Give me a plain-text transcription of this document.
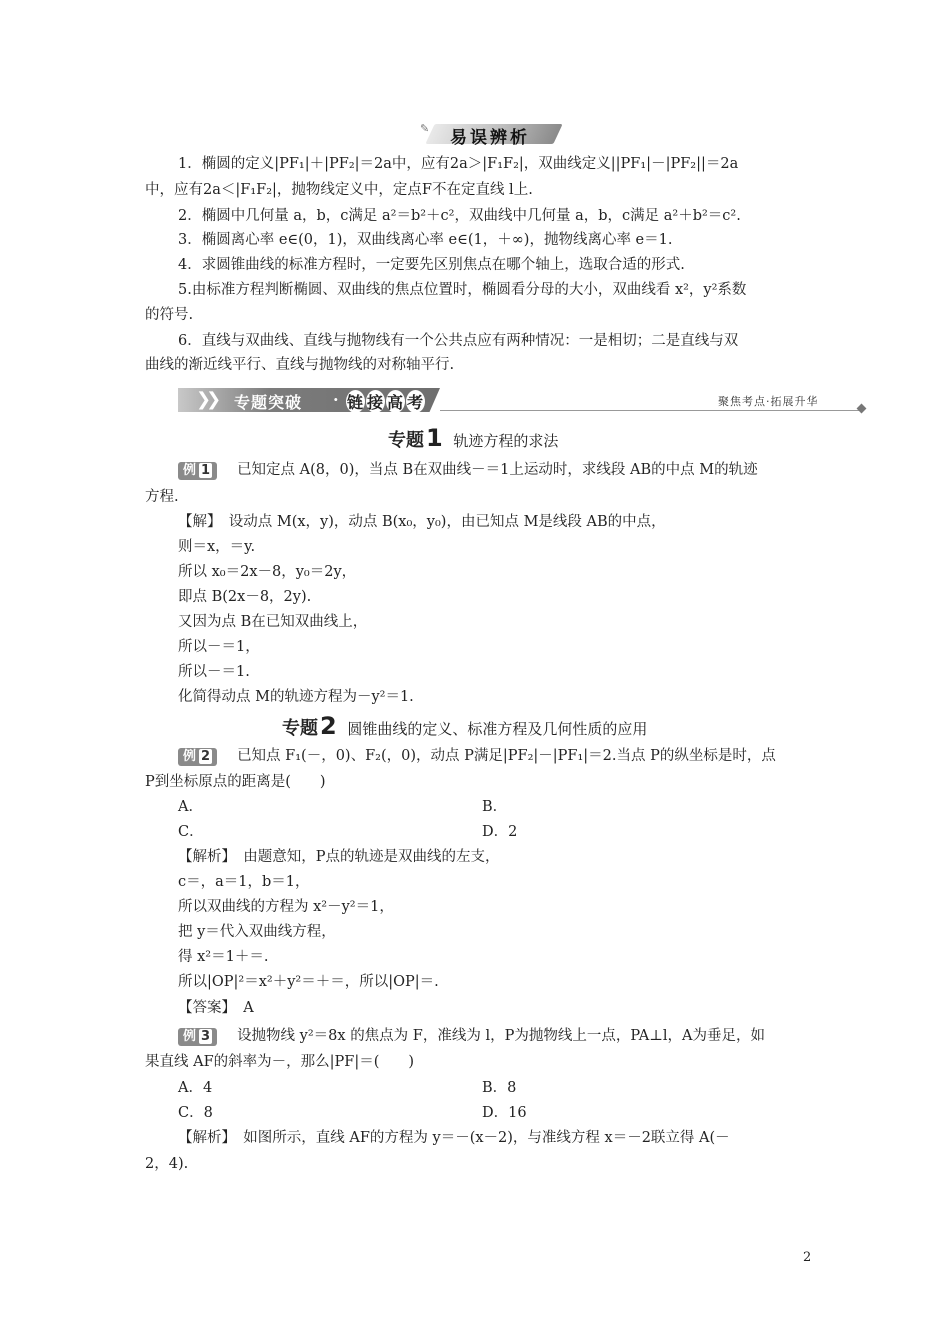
✎ 易误辨析
1．椭圆的定义|PF₁|＋|PF₂|＝2a中，应有2a＞|F₁F₂|，双曲线定义||PF₁|－|PF₂||＝2a
中，应有2a＜|F₁F₂|，抛物线定义中，定点F不在定直线 l上.
2．椭圆中几何量 a，b，c满足 a²＝b²＋c²，双曲线中几何量 a，b，c满足 a²＋b²＝c².
3．椭圆离心率 e∈(0，1)，双曲线离心率 e∈(1，＋∞)，抛物线离心率 e＝1.
4．求圆锥曲线的标准方程时，一定要先区别焦点在哪个轴上，选取合适的形式.
5.由标准方程判断椭圆、双曲线的焦点位置时，椭圆看分母的大小，双曲线看 x²，y²系数
的符号.
6．直线与双曲线、直线与抛物线有一个公共点应有两种情况：一是相切；二是直线与双
曲线的渐近线平行、直线与抛物线的对称轴平行.
❯❯ 专题突破 · 链 接 高 考	聚焦考点·拓展升华
专题1 轨迹方程的求法
例 1 已知定点 A(8，0)，当点 B在双曲线－＝1上运动时，求线段 AB的中点 M的轨迹
方程.
【解】　设动点 M(x，y)，动点 B(x₀，y₀)，由已知点 M是线段 AB的中点，
则＝x，＝y.
所以 x₀＝2x－8，y₀＝2y，
即点 B(2x－8，2y).
又因为点 B在已知双曲线上，
所以－＝1，
所以－＝1.
化简得动点 M的轨迹方程为－y²＝1.
专题2 圆锥曲线的定义、标准方程及几何性质的应用
例 2 已知点 F₁(－，0)、F₂(，0)，动点 P满足|PF₂|－|PF₁|＝2.当点 P的纵坐标是时，点
P到坐标原点的距离是(　　)
A．	B．
C．	D．2
【解析】　由题意知，P点的轨迹是双曲线的左支，
c＝，a＝1，b＝1，
所以双曲线的方程为 x²－y²＝1，
把 y＝代入双曲线方程，
得 x²＝1＋＝.
所以|OP|²＝x²＋y²＝＋＝，所以|OP|＝.
【答案】　A
例 3 设抛物线 y²＝8x 的焦点为 F，准线为 l，P为抛物线上一点，PA⊥l，A为垂足，如
果直线 AF的斜率为－，那么|PF|＝(　　)
A．4	B．8
C．8	D．16
【解析】　如图所示，直线 AF的方程为 y＝－(x－2)，与准线方程 x＝－2联立得 A(－
2，4).
2
